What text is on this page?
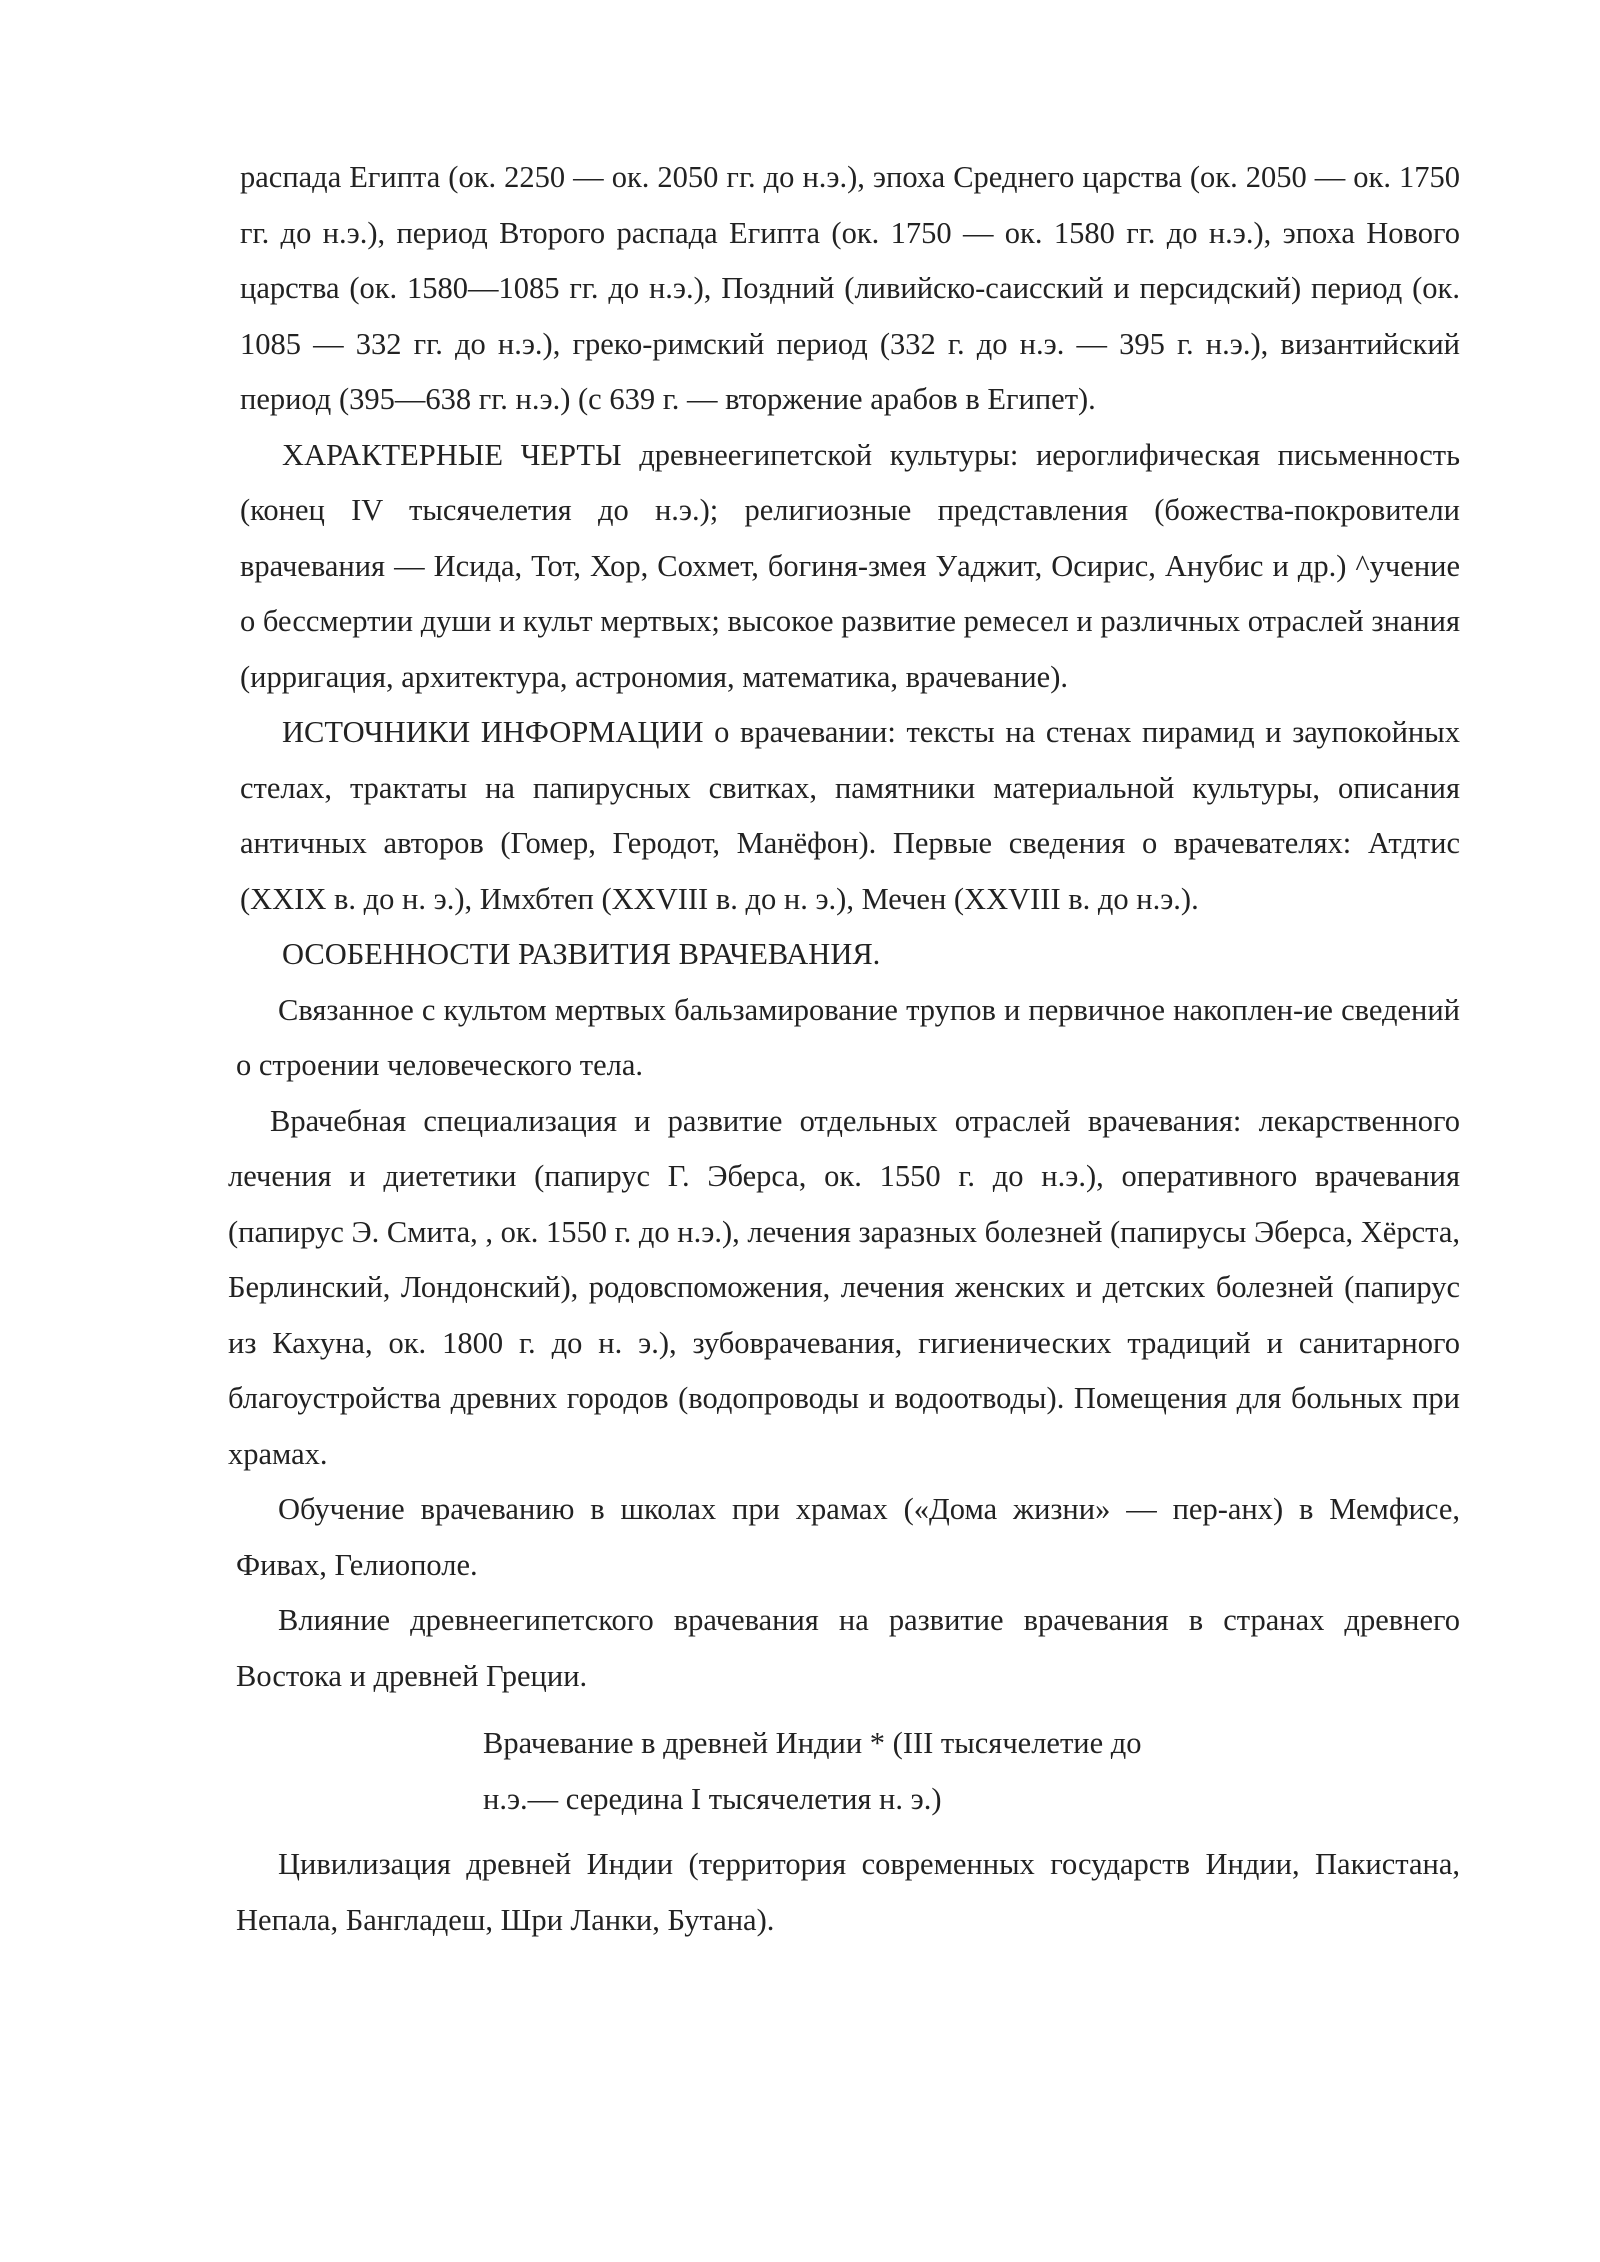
распада Египта (ок. 2250 — ок. 2050 гг. до н.э.), эпоха Среднего царства (ок. 2050 — ок. 1750 гг. до н.э.), период Второго распада Египта (ок. 1750 — ок. 1580 гг. до н.э.), эпоха Нового царства (ок. 1580—1085 гг. до н.э.), Поздний (ливийско-саисский и персидский) период (ок. 1085 — 332 гг. до н.э.), греко-римский период (332 г. до н.э. — 395 г. н.э.), византийский период (395—638 гг. н.э.) (с 639 г. — вторжение арабов в Египет).

ХАРАКТЕРНЫЕ ЧЕРТЫ древнеегипетской культуры: иероглифическая письменность (конец IV тысячелетия до н.э.); религиозные представления (божества-покровители врачевания — Исида, Тот, Хор, Сохмет, богиня-змея Уаджит, Осирис, Анубис и др.) ^учение о бессмертии души и культ мертвых; высокое развитие ремесел и различных отраслей знания (ирригация, архитектура, астрономия, математика, врачевание).

ИСТОЧНИКИ ИНФОРМАЦИИ о врачевании: тексты на стенах пирамид и заупокойных стелах, трактаты на папирусных свитках, памятники материальной культуры, описания античных авторов (Гомер, Геродот, Манёфон). Первые сведения о врачевателях: Атдтис (XXIX в. до н. э.), Имхбтеп (XXVIII в. до н. э.), Мечен (XXVIII в. до н.э.).

ОСОБЕННОСТИ РАЗВИТИЯ ВРАЧЕВАНИЯ.

Связанное с культом мертвых бальзамирование трупов и первичное накоплен-ие сведений о строении человеческого тела.

Врачебная специализация и развитие отдельных отраслей врачевания: лекарственного лечения и диететики (папирус Г. Эберса, ок. 1550 г. до н.э.), оперативного врачевания (папирус Э. Смита, , ок. 1550 г. до н.э.), лечения заразных болезней (папирусы Эберса, Хёрста, Берлинский, Лондонский), родовспоможения, лечения женских и детских болезней (папирус из Кахуна, ок. 1800 г. до н. э.), зубоврачевания, гигиенических традиций и санитарного благоустройства древних городов (водопроводы и водоотводы). Помещения для больных при храмах.

Обучение врачеванию в школах при храмах («Дома жизни» — пер-анх) в Мемфисе, Фивах, Гелиополе.

Влияние древнеегипетского врачевания на развитие врачевания в странах древнего Востока и древней Греции.

Врачевание в древней Индии * (III тысячелетие до
н.э.— середина I тысячелетия н. э.)

Цивилизация древней Индии (территория современных государств Индии, Пакистана, Непала, Бангладеш, Шри Ланки, Бутана).
